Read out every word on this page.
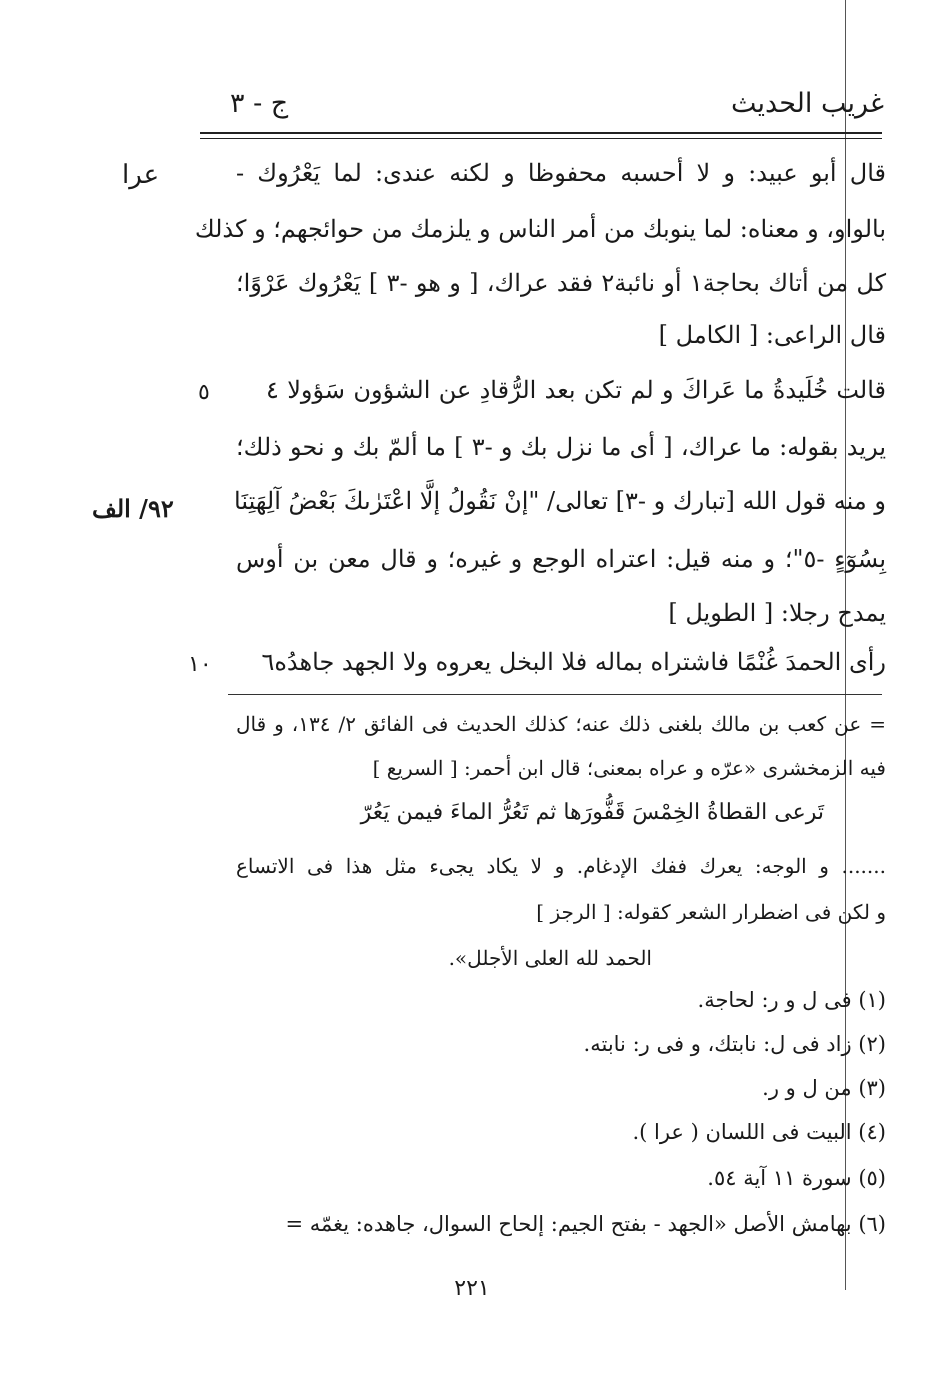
غريب الحديث
ج - ٣
عرا
٩٢/ الف
قال أبو عبيد: و لا أحسبه محفوظا و لكنه عندى: لما يَعْرُوك -
بالواو، و معناه: لما ينوبك من أمر الناس و يلزمك من حوائجهم؛ و كذلك
كل من أتاك بحاجة١ أو نائبة٢ فقد عراك، [ و هو -٣ ] يَعْرُوك عَرْوًا؛
قال الراعى: [ الكامل ]
قالت خُلَيدةُ ما عَراكَ و لم تكن بعد الرُّقادِ عن الشؤون سَؤولا ٤
٥
يريد بقوله: ما عراك، [ أى ما نزل بك و -٣ ] ما ألمّ بك و نحو ذلك؛
و منه قول الله [تبارك و -٣] تعالى/ "إنْ نَقُولُ إلَّا اعْتَرٰىكَ بَعْضُ آلِهَتِنَا
بِسُوٓءٍ -٥"؛ و منه قيل: اعتراه الوجع و غيره؛ و قال معن بن أوس
يمدح رجلا: [ الطويل ]
رأى الحمدَ غُنْمًا فاشتراه بماله فلا البخل يعروه ولا الجهد جاهدُه٦
١٠
= عن كعب بن مالك بلغنى ذلك عنه؛ كذلك الحديث فى الفائق ٢/ ١٣٤، و قال
فيه الزمخشرى «عرّه و عراه بمعنى؛ قال ابن أحمر: [ السريع ]
تَرعى القطاةُ الخِمْسَ قَفُّورَها ثم تَعُرُّ الماءَ فيمن يَعُرّ
....... و الوجه: يعرك ففك الإدغام. و لا يكاد يجىء مثل هذا فى الاتساع
و لكن فى اضطرار الشعر كقوله: [ الرجز ]
الحمد لله العلى الأجلل».
(١) فى ل و ر: لحاجة.
(٢) زاد فى ل: نابتك، و فى ر: نابته.
(٣) من ل و ر.
(٤) البيت فى اللسان ( عرا ).
(٥) سورة ١١ آية ٥٤.
(٦) بهامش الأصل «الجهد - بفتح الجيم: إلحاح السوال، جاهده: يغمّه =
٢٢١
